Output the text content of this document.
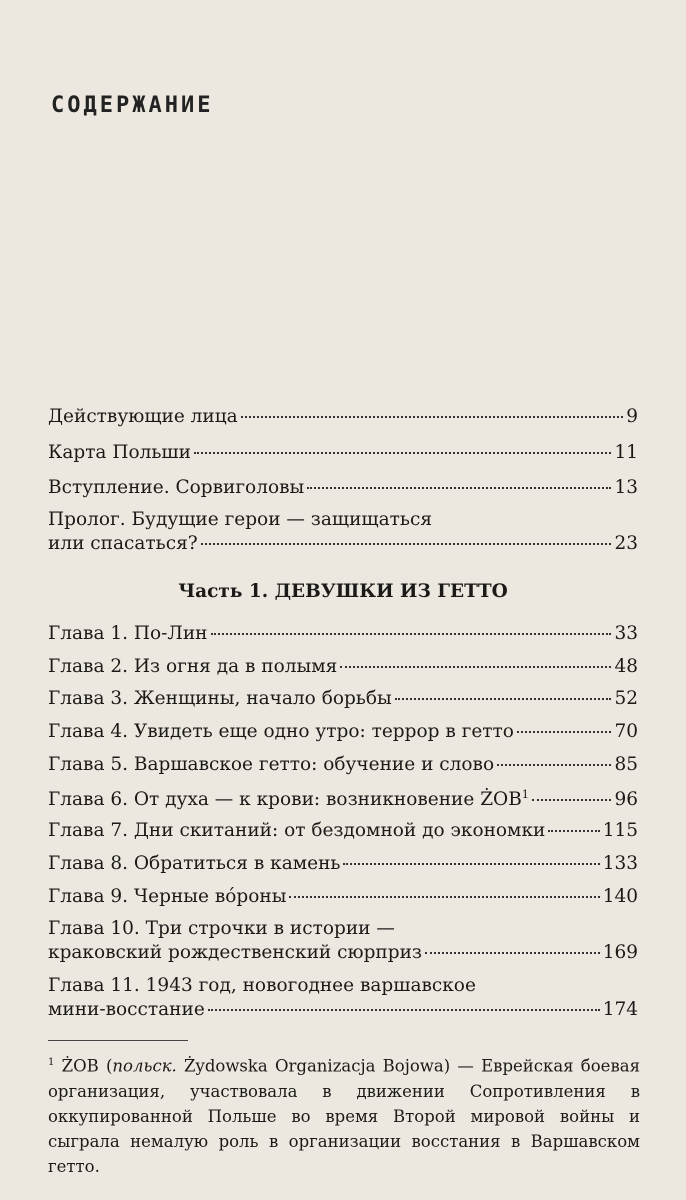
СОДЕРЖАНИЕ
Действующие лица	9
Карта Польши	11
Вступление. Сорвиголовы	13
Пролог. Будущие герои — защищаться
или спасаться?	23
Часть 1. ДЕВУШКИ ИЗ ГЕТТО
Глава 1. По-Лин	33
Глава 2. Из огня да в полымя	48
Глава 3. Женщины, начало борьбы	52
Глава 4. Увидеть еще одно утро: террор в гетто	70
Глава 5. Варшавское гетто: обучение и слово	85
Глава 6. От духа — к крови: возникновение ŻOB$^1$	96
Глава 7. Дни скитаний: от бездомной до экономки	115
Глава 8. Обратиться в камень	133
Глава 9. Черные вóроны	140
Глава 10. Три строчки в истории —
краковский рождественский сюрприз	169
Глава 11. 1943 год, новогоднее варшавское
мини-восстание	174
$^1$ ŻOB (польск. Żydowska Organizacja Bojowa) — Еврейская боевая организация, участвовала в движении Сопротивления в оккупированной Польше во время Второй мировой войны и сыграла немалую роль в организации восстания в Варшавском гетто.
